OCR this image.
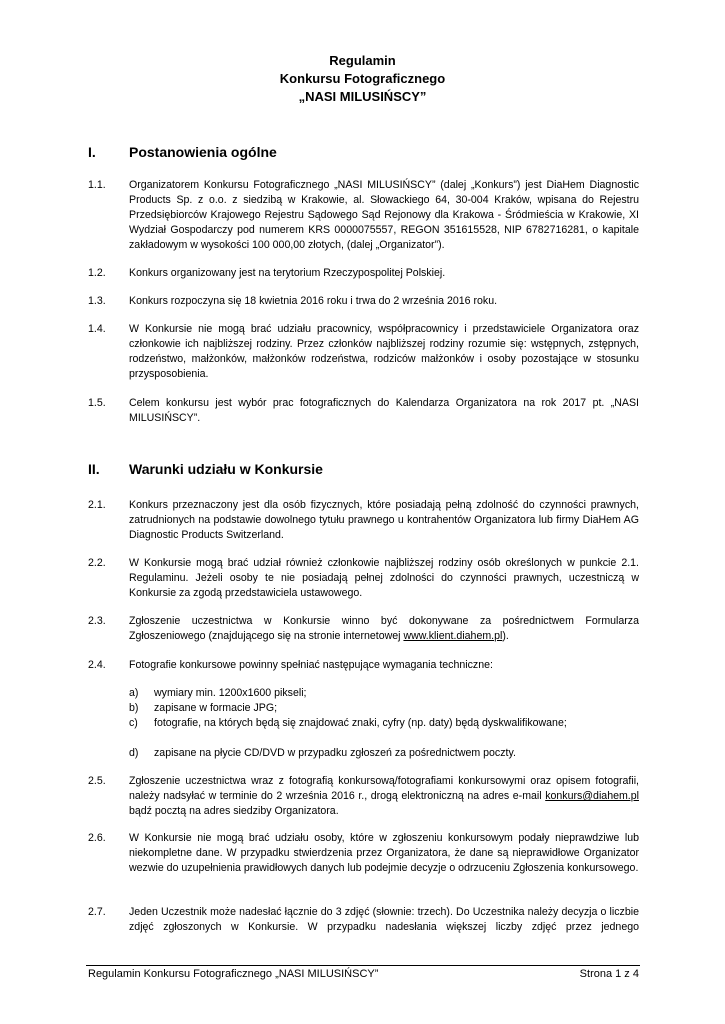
Regulamin
Konkursu Fotograficznego
„NASI MILUSIŃSCY”
I. Postanowienia ogólne
1.1. Organizatorem Konkursu Fotograficznego „NASI MILUSIŃSCY” (dalej „Konkurs”) jest DiaHem Diagnostic Products Sp. z o.o. z siedzibą w Krakowie, al. Słowackiego 64, 30-004 Kraków, wpisana do Rejestru Przedsiębiorców Krajowego Rejestru Sądowego Sąd Rejonowy dla Krakowa - Śródmieścia w Krakowie, XI Wydział Gospodarczy pod numerem KRS 0000075557, REGON 351615528, NIP 6782716281, o kapitale zakładowym w wysokości 100 000,00 złotych, (dalej „Organizator”).
1.2. Konkurs organizowany jest na terytorium Rzeczypospolitej Polskiej.
1.3. Konkurs rozpoczyna się 18 kwietnia 2016 roku i trwa do 2 września 2016 roku.
1.4. W Konkursie nie mogą brać udziału pracownicy, współpracownicy i przedstawiciele Organizatora oraz członkowie ich najbliższej rodziny. Przez członków najbliższej rodziny rozumie się: wstępnych, zstępnych, rodzeństwo, małżonków, małżonków rodzeństwa, rodziców małżonków i osoby pozostające w stosunku przysposobienia.
1.5. Celem konkursu jest wybór prac fotograficznych do Kalendarza Organizatora na rok 2017 pt. „NASI MILUSIŃSCY”.
II. Warunki udziału w Konkursie
2.1. Konkurs przeznaczony jest dla osób fizycznych, które posiadają pełną zdolność do czynności prawnych, zatrudnionych na podstawie dowolnego tytułu prawnego u kontrahentów Organizatora lub firmy DiaHem AG Diagnostic Products Switzerland.
2.2. W Konkursie mogą brać udział również członkowie najbliższej rodziny osób określonych w punkcie 2.1. Regulaminu. Jeżeli osoby te nie posiadają pełnej zdolności do czynności prawnych, uczestniczą w Konkursie za zgodą przedstawiciela ustawowego.
2.3. Zgłoszenie uczestnictwa w Konkursie winno być dokonywane za pośrednictwem Formularza Zgłoszeniowego (znajdującego się na stronie internetowej www.klient.diahem.pl).
2.4. Fotografie konkursowe powinny spełniać następujące wymagania techniczne:
a) wymiary min. 1200x1600 pikseli;
b) zapisane w formacie JPG;
c) fotografie, na których będą się znajdować znaki, cyfry (np. daty) będą dyskwalifikowane;
d) zapisane na płycie CD/DVD w przypadku zgłoszeń za pośrednictwem poczty.
2.5. Zgłoszenie uczestnictwa wraz z fotografią konkursową/fotografiami konkursowymi oraz opisem fotografii, należy nadsyłać w terminie do 2 września 2016 r., drogą elektroniczną na adres e-mail konkurs@diahem.pl bądź pocztą na adres siedziby Organizatora.
2.6. W Konkursie nie mogą brać udziału osoby, które w zgłoszeniu konkursowym podały nieprawdziwe lub niekompletne dane. W przypadku stwierdzenia przez Organizatora, że dane są nieprawidłowe Organizator wezwie do uzupełnienia prawidłowych danych lub podejmie decyzje o odrzuceniu Zgłoszenia konkursowego.
2.7. Jeden Uczestnik może nadesłać łącznie do 3 zdjęć (słownie: trzech). Do Uczestnika należy decyzja o liczbie zdjęć zgłoszonych w Konkursie. W przypadku nadesłania większej liczby zdjęć przez jednego
Regulamin Konkursu Fotograficznego „NASI MILUSIŃSCY”	Strona 1 z 4
